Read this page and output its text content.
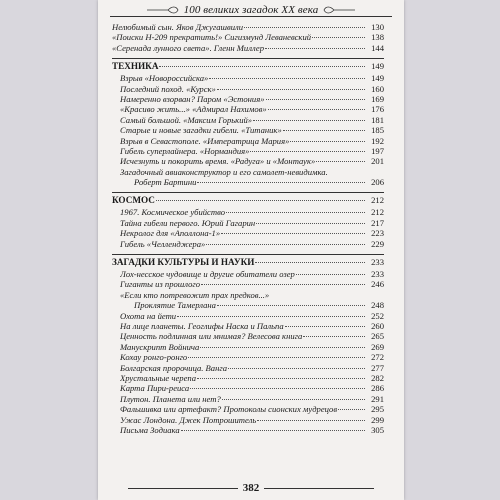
100 великих загадок XX века
Нелюбимый сын. Яков Джугашвили	130
«Поиски Н-209 прекратить!» Сигизмунд Леваневский	138
«Серенада лунного света». Гленн Миллер	144
ТЕХНИКА	149
Взрыв «Новороссийска»	149
Последний поход. «Курск»	160
Намеренно взорван? Паром «Эстония»	169
«Красиво жить...» «Адмирал Нахимов»	176
Самый большой. «Максим Горький»	181
Старые и новые загадки гибели. «Титаник»	185
Взрыв в Севастополе. «Императрица Мария»	192
Гибель суперлайнера. «Нормандия»	197
Исчезнуть и покорить время. «Радуга» и «Монтаук»	201
Загадочный авиаконструктор и его самолет-невидимка.
Роберт Бартини	206
КОСМОС	212
1967. Космическое убийство	212
Тайна гибели первого. Юрий Гагарин	217
Некролог для «Аполлона-1»	223
Гибель «Челленджера»	229
ЗАГАДКИ КУЛЬТУРЫ И НАУКИ	233
Лох-несское чудовище и другие обитатели озер	233
Гиганты из прошлого	246
«Если кто потревожит прах предков...»
Проклятие Тамерлана	248
Охота на йети	252
На лице планеты. Геоглифы Наска и Пальпа	260
Ценность подлинная или мнимая? Велесова книга	265
Манускрипт Войнича	269
Кохау ронго-ронго	272
Болгарская пророчица. Ванга	277
Хрустальные черепа	282
Карта Пири-реиса	286
Плутон. Планета или нет?	291
Фальшивка или артефакт? Протоколы сионских мудрецов	295
Ужас Лондона. Джек Потрошитель	299
Письма Зодиака	305
382
